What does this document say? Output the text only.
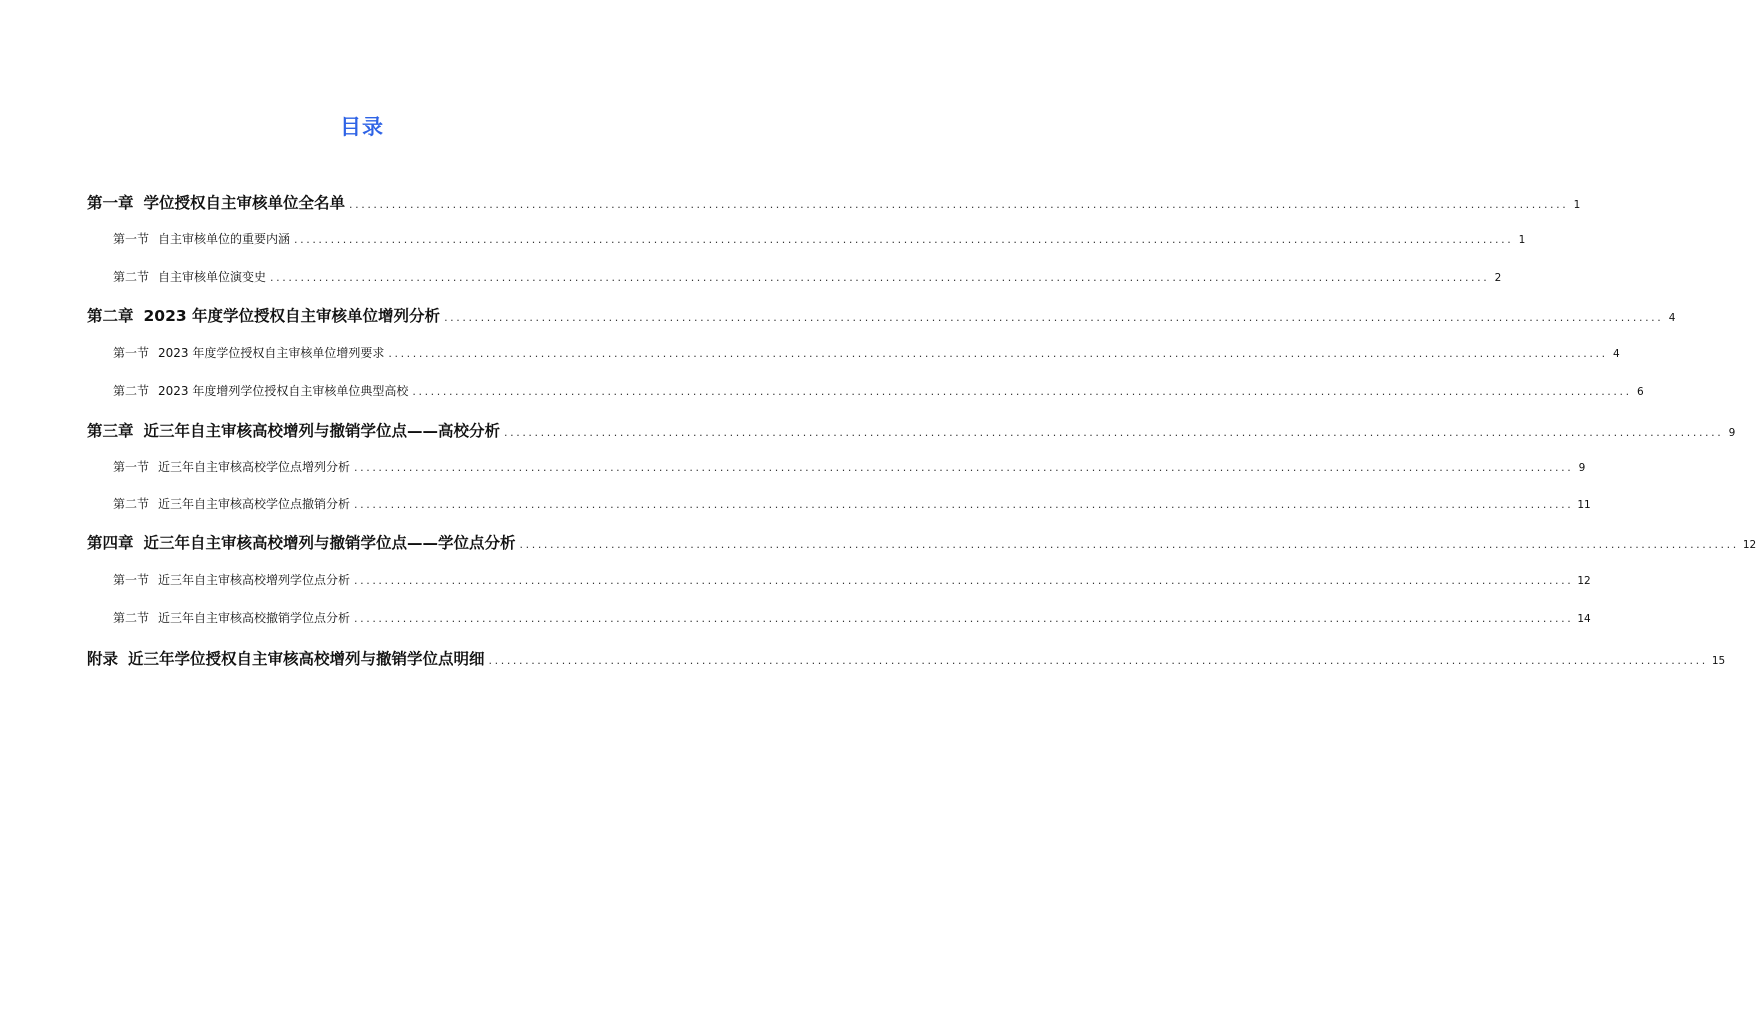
目录
第一章 学位授权自主审核单位全名单 ........................................................................................................................................................................................................ 1
第一节 自主审核单位的重要内涵 ........................................................................................................................................................................................................ 1
第二节 自主审核单位演变史 ........................................................................................................................................................................................................ 2
第二章 2023 年度学位授权自主审核单位增列分析 ........................................................................................................................................................................................................ 4
第一节 2023 年度学位授权自主审核单位增列要求 ........................................................................................................................................................................................................ 4
第二节 2023 年度增列学位授权自主审核单位典型高校 ........................................................................................................................................................................................................ 6
第三章 近三年自主审核高校增列与撤销学位点——高校分析 ........................................................................................................................................................................................................ 9
第一节 近三年自主审核高校学位点增列分析 ........................................................................................................................................................................................................ 9
第二节 近三年自主审核高校学位点撤销分析 ........................................................................................................................................................................................................ 11
第四章 近三年自主审核高校增列与撤销学位点——学位点分析 ........................................................................................................................................................................................................ 12
第一节 近三年自主审核高校增列学位点分析 ........................................................................................................................................................................................................ 12
第二节 近三年自主审核高校撤销学位点分析 ........................................................................................................................................................................................................ 14
附录 近三年学位授权自主审核高校增列与撤销学位点明细 ........................................................................................................................................................................................................ 15
